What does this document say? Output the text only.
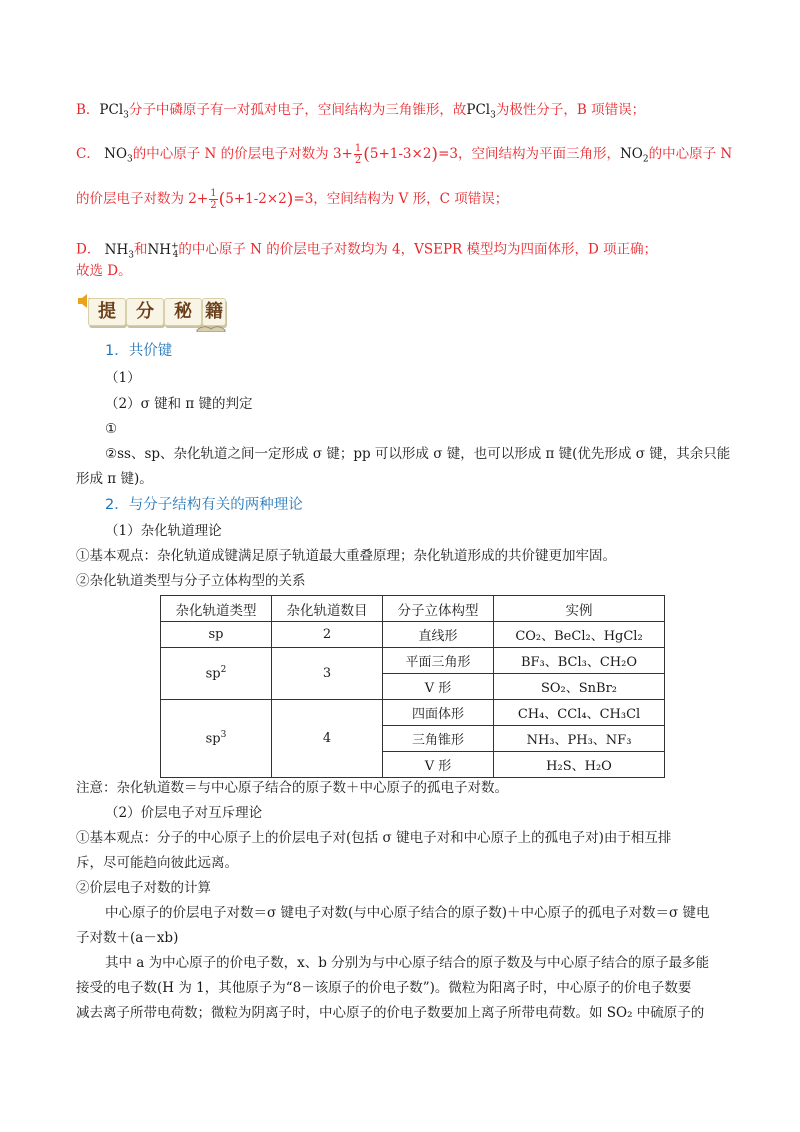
B．PCl$_3$分子中磷原子有一对孤对电子，空间结构为三角锥形，故PCl$_3$为极性分子，B 项错误；
C． $NO_3$的中心原子 N 的价层电子对数为 $3+ \frac{1}{2} (5+1-3\times 2)=3$，空间结构为平面三角形，$NO_2$的中心原子 N
的价层电子对数为 $2+ \frac{1}{2} (5+1-2\times 2)=3$，空间结构为 V 形，C 项错误；
D． $NH_3$和$NH^+_4$的中心原子 N 的价层电子对数均为 4，VSEPR 模型均为四面体形，D 项正确；
故选 D。
提	分	秘 籍
1．共价键
（1）
（2）σ 键和 π 键的判定
①
②ss、sp、杂化轨道之间一定形成 σ 键；pp 可以形成 σ 键，也可以形成 π 键(优先形成 σ 键，其余只能
形成 π 键)。
2．与分子结构有关的两种理论
（1）杂化轨道理论
①基本观点：杂化轨道成键满足原子轨道最大重叠原理；杂化轨道形成的共价键更加牢固。
②杂化轨道类型与分子立体构型的关系
杂化轨道类型	杂化轨道数目	分子立体构型	实例
sp	2	直线形	CO₂、BeCl₂、HgCl₂
$sp^2$	3	平面三角形	BF₃、BCl₃、CH₂O
		V 形	SO₂、SnBr₂
$sp^3$	4	四面体形	CH₄、CCl₄、CH₃Cl
		三角锥形	NH₃、PH₃、NF₃
		V 形	H₂S、H₂O
注意：杂化轨道数＝与中心原子结合的原子数＋中心原子的孤电子对数。
（2）价层电子对互斥理论
①基本观点：分子的中心原子上的价层电子对(包括 σ 键电子对和中心原子上的孤电子对)由于相互排
斥，尽可能趋向彼此远离。
②价层电子对数的计算
中心原子的价层电子对数＝σ 键电子对数(与中心原子结合的原子数)＋中心原子的孤电子对数＝σ 键电
子对数＋(a－xb)
其中 a 为中心原子的价电子数，x、b 分别为与中心原子结合的原子数及与中心原子结合的原子最多能
接受的电子数(H 为 1，其他原子为“8－该原子的价电子数”)。微粒为阳离子时，中心原子的价电子数要
减去离子所带电荷数；微粒为阴离子时，中心原子的价电子数要加上离子所带电荷数。如 SO₂ 中硫原子的
